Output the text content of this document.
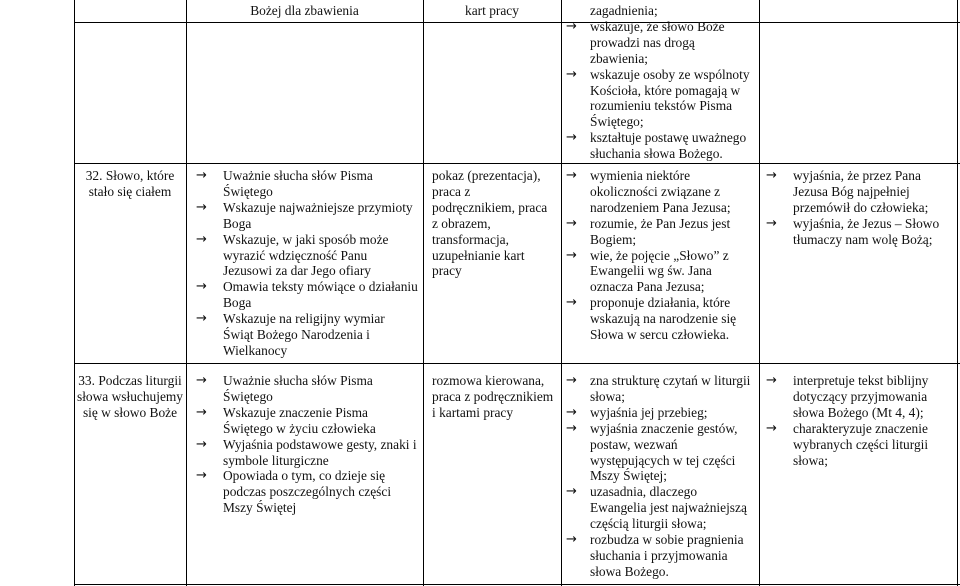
Bożej dla zbawienia	kart pracy	zagadnienia;
→ wskazuje, że słowo Boże prowadzi nas drogą zbawienia;
→ wskazuje osoby ze wspólnoty Kościoła, które pomagają w rozumieniu tekstów Pisma Świętego;
→ kształtuje postawę uważnego słuchania słowa Bożego.
32. Słowo, które stało się ciałem
→ Uważnie słucha słów Pisma Świętego
→ Wskazuje najważniejsze przymioty Boga
→ Wskazuje, w jaki sposób może wyrazić wdzięczność Panu Jezusowi za dar Jego ofiary
→ Omawia teksty mówiące o działaniu Boga
→ Wskazuje na religijny wymiar Świąt Bożego Narodzenia i Wielkanocy
pokaz (prezentacja), praca z podręcznikiem, praca z obrazem, transformacja, uzupełnianie kart pracy
→ wymienia niektóre okoliczności związane z narodzeniem Pana Jezusa;
→ rozumie, że Pan Jezus jest Bogiem;
→ wie, że pojęcie „Słowo” z Ewangelii wg św. Jana oznacza Pana Jezusa;
→ proponuje działania, które wskazują na narodzenie się Słowa w sercu człowieka.
→ wyjaśnia, że przez Pana Jezusa Bóg najpełniej przemówił do człowieka;
→ wyjaśnia, że Jezus – Słowo tłumaczy nam wolę Bożą;
33. Podczas liturgii słowa wsłuchujemy się w słowo Boże
→ Uważnie słucha słów Pisma Świętego
→ Wskazuje znaczenie Pisma Świętego w życiu człowieka
→ Wyjaśnia podstawowe gesty, znaki i symbole liturgiczne
→ Opowiada o tym, co dzieje się podczas poszczególnych części Mszy Świętej
rozmowa kierowana, praca z podręcznikiem i kartami pracy
→ zna strukturę czytań w liturgii słowa;
→ wyjaśnia jej przebieg;
→ wyjaśnia znaczenie gestów, postaw, wezwań występujących w tej części Mszy Świętej;
→ uzasadnia, dlaczego Ewangelia jest najważniejszą częścią liturgii słowa;
→ rozbudza w sobie pragnienia słuchania i przyjmowania słowa Bożego.
→ interpretuje tekst biblijny dotyczący przyjmowania słowa Bożego (Mt 4, 4);
→ charakteryzuje znaczenie wybranych części liturgii słowa;
